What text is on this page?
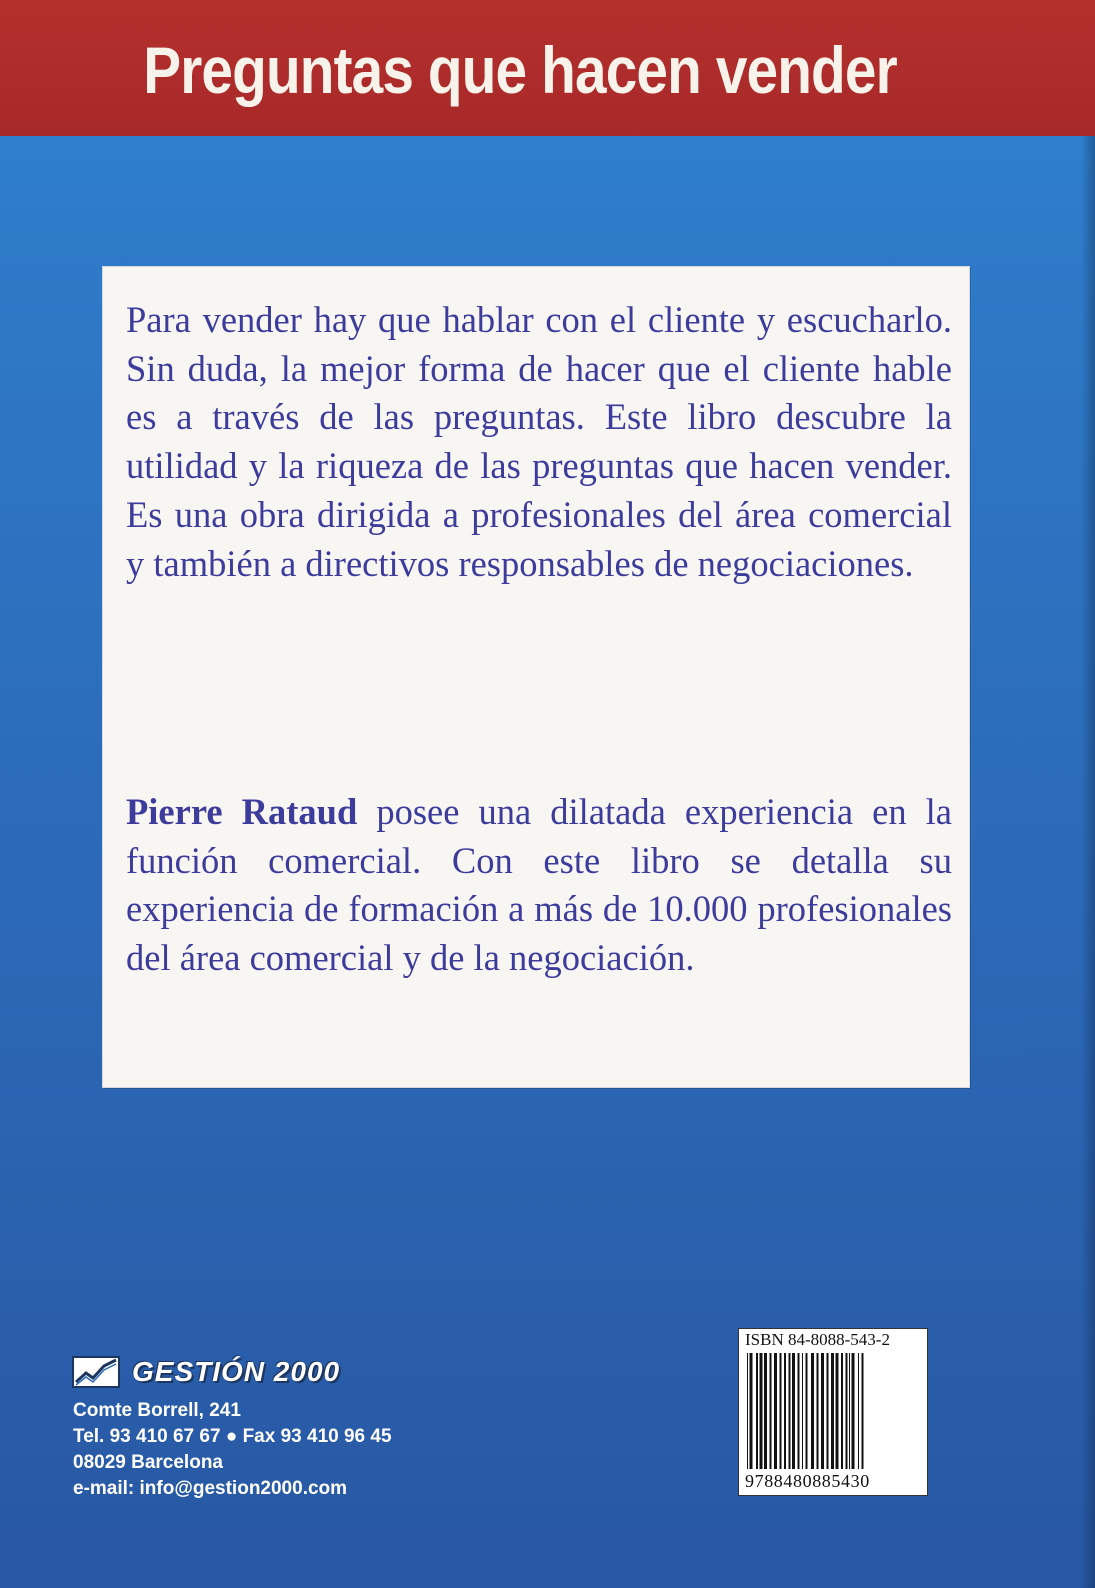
Preguntas que hacen vender

Para vender hay que hablar con el cliente y escucharlo. Sin duda, la mejor forma de hacer que el cliente hable es a través de las preguntas. Este libro descubre la utilidad y la riqueza de las preguntas que hacen vender. Es una obra dirigida a profesionales del área comercial y también a directivos responsables de negociaciones.

Pierre Rataud posee una dilatada experiencia en la función comercial. Con este libro se detalla su experiencia de formación a más de 10.000 profesionales del área comercial y de la negociación.

GESTIÓN 2000
Comte Borrell, 241
Tel. 93 410 67 67 ● Fax 93 410 96 45
08029 Barcelona
e-mail: info@gestion2000.com
ISBN 84-8088-543-2
9788480885430
